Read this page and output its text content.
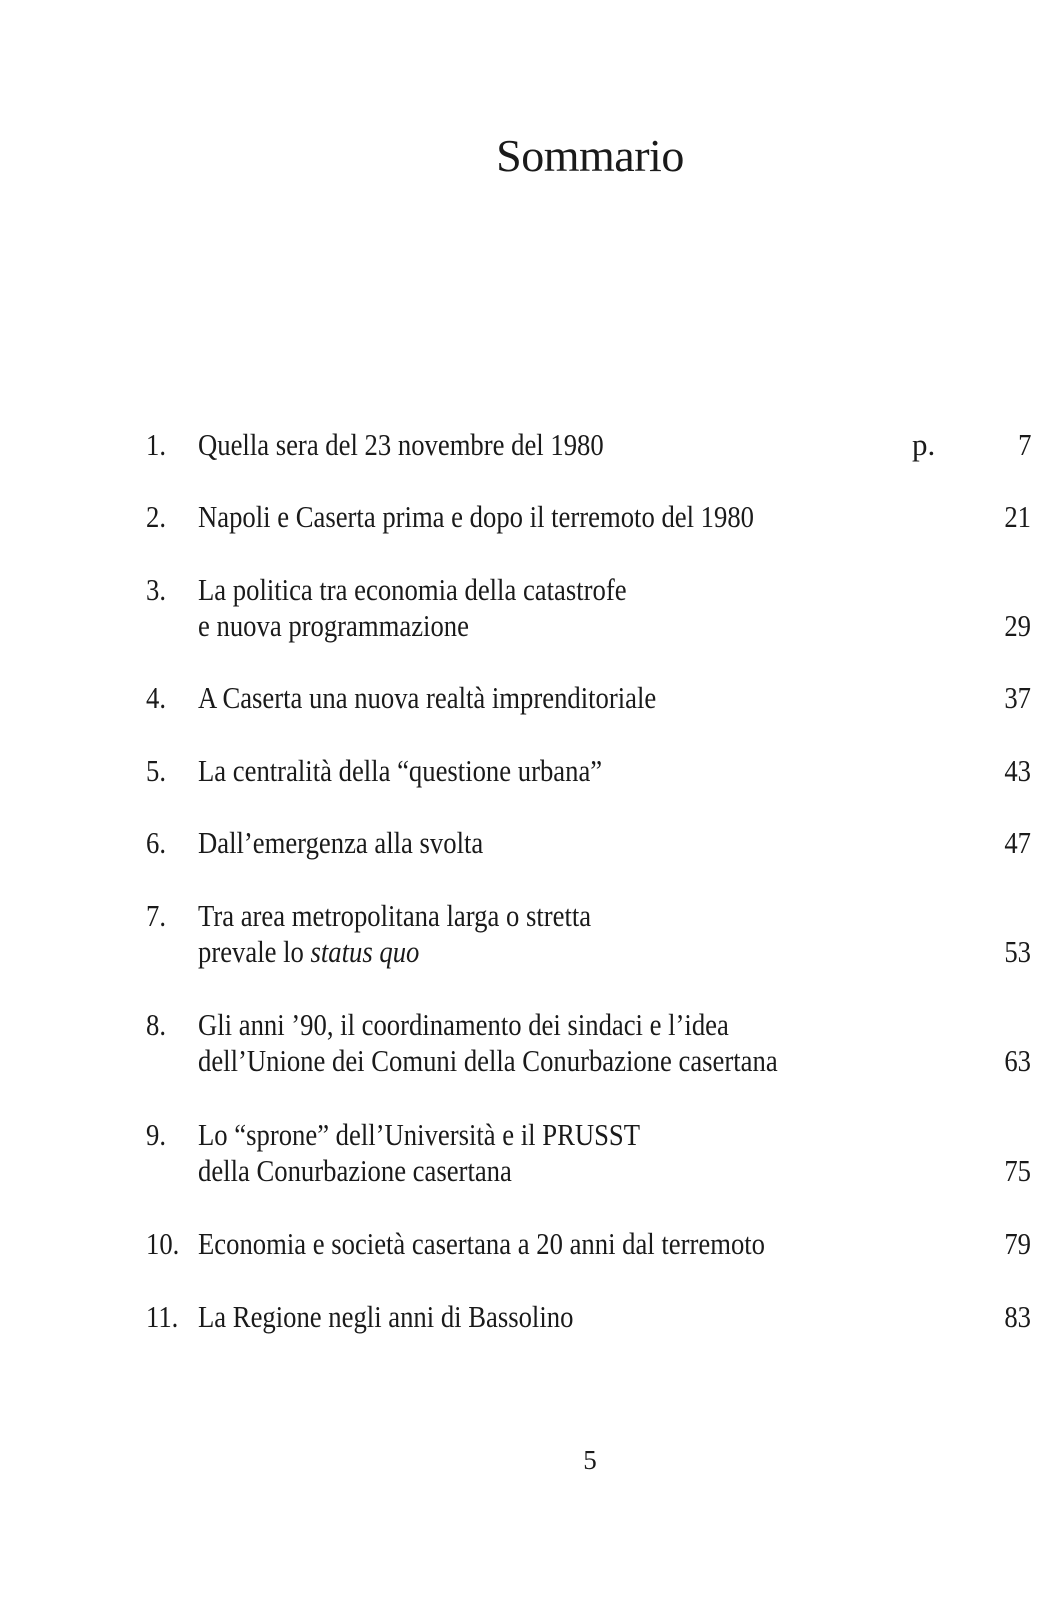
Sommario
1. Quella sera del 23 novembre del 1980	p.	7
2. Napoli e Caserta prima e dopo il terremoto del 1980	21
3. La politica tra economia della catastrofe
e nuova programmazione	29
4. A Caserta una nuova realtà imprenditoriale	37
5. La centralità della “questione urbana”	43
6. Dall’emergenza alla svolta	47
7. Tra area metropolitana larga o stretta
prevale lo status quo	53
8. Gli anni ’90, il coordinamento dei sindaci e l’idea
dell’Unione dei Comuni della Conurbazione casertana	63
9. Lo “sprone” dell’Università e il PRUSST
della Conurbazione casertana	75
10. Economia e società casertana a 20 anni dal terremoto	79
11. La Regione negli anni di Bassolino	83
5
